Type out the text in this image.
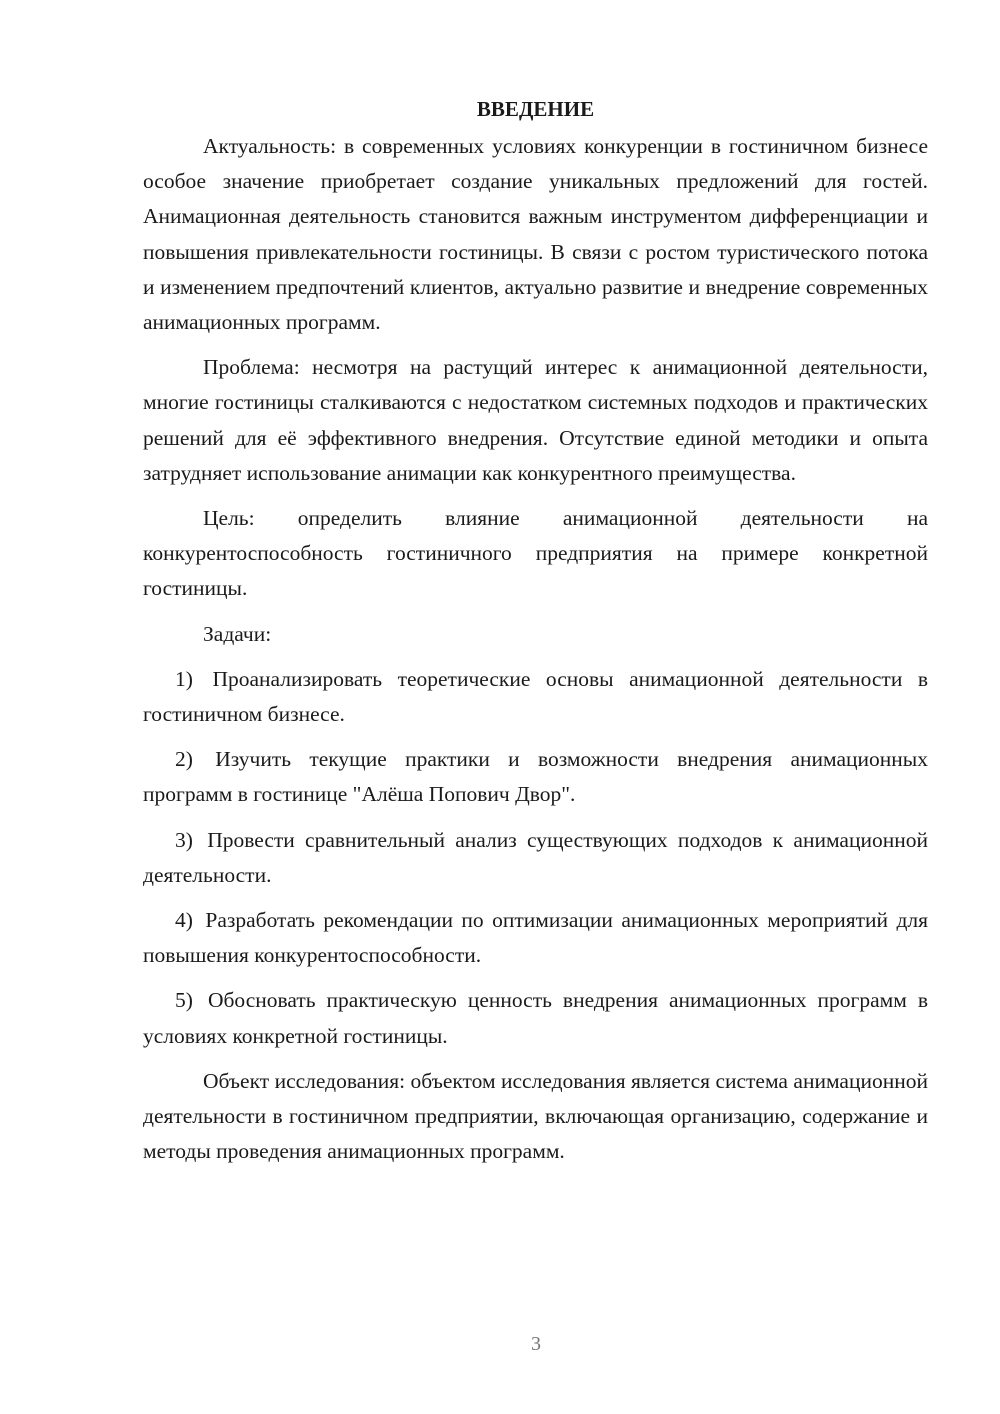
ВВЕДЕНИЕ

Актуальность: в современных условиях конкуренции в гостиничном бизнесе особое значение приобретает создание уникальных предложений для гостей. Анимационная деятельность становится важным инструментом дифференциации и повышения привлекательности гостиницы. В связи с ростом туристического потока и изменением предпочтений клиентов, актуально развитие и внедрение современных анимационных программ.

Проблема: несмотря на растущий интерес к анимационной деятельности, многие гостиницы сталкиваются с недостатком системных подходов и практических решений для её эффективного внедрения. Отсутствие единой методики и опыта затрудняет использование анимации как конкурентного преимущества.

Цель: определить влияние анимационной деятельности на конкурентоспособность гостиничного предприятия на примере конкретной гостиницы.

Задачи:

1) Проанализировать теоретические основы анимационной деятельности в гостиничном бизнесе.

2) Изучить текущие практики и возможности внедрения анимационных программ в гостинице "Алёша Попович Двор".

3) Провести сравнительный анализ существующих подходов к анимационной деятельности.

4) Разработать рекомендации по оптимизации анимационных мероприятий для повышения конкурентоспособности.

5) Обосновать практическую ценность внедрения анимационных программ в условиях конкретной гостиницы.

Объект исследования: объектом исследования является система анимационной деятельности в гостиничном предприятии, включающая организацию, содержание и методы проведения анимационных программ.

3
